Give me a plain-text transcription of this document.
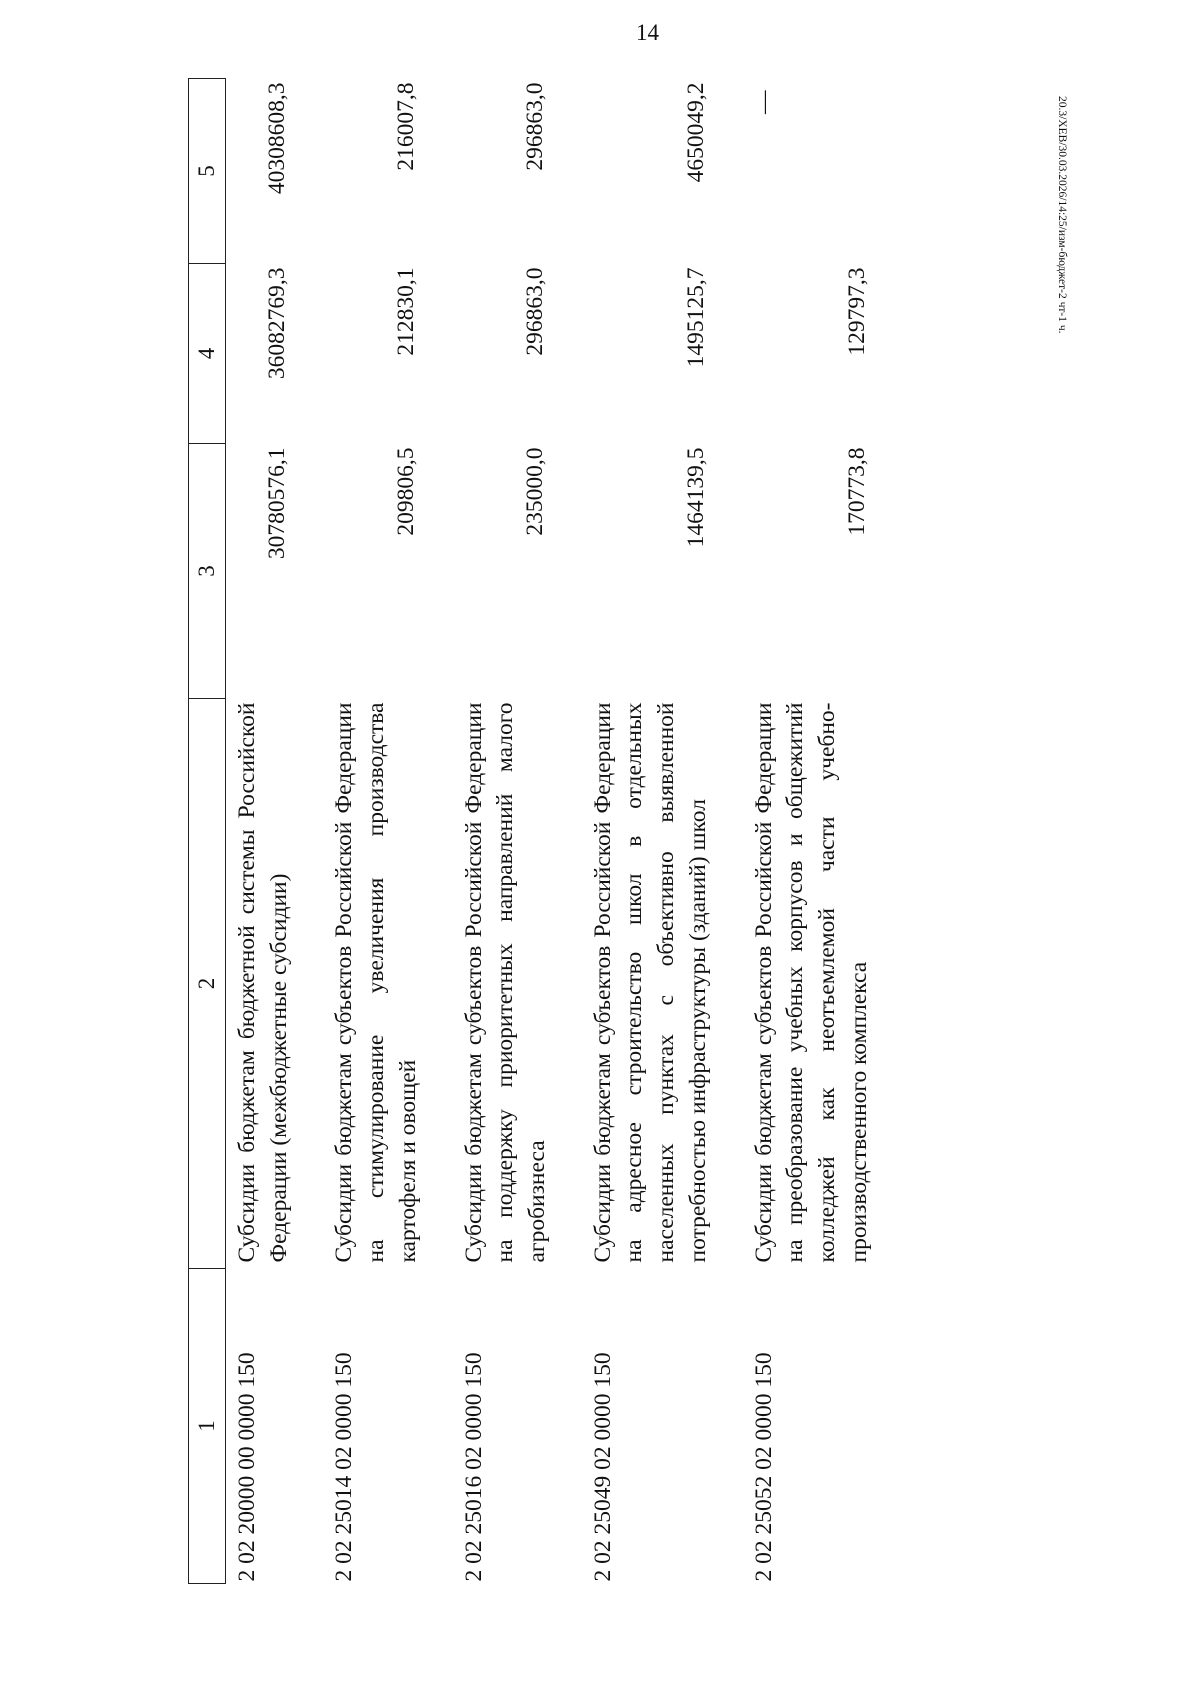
14
20.3/ХЕВ/30.03.2026/14:25/изм-бюджет-2 чт-1 ч.
1	2	3	4	5
2 02 20000 00 0000 150	Субсидии бюджетам бюджетной системы Российской Федерации (межбюджетные субсидии)	30780576,1	36082769,3	40308608,3
2 02 25014 02 0000 150	Субсидии бюджетам субъектов Российской Федерации на стимулирование увеличения производства картофеля и овощей	209806,5	212830,1	216007,8
2 02 25016 02 0000 150	Субсидии бюджетам субъектов Российской Федерации на поддержку приоритетных направлений малого агробизнеса	235000,0	296863,0	296863,0
2 02 25049 02 0000 150	Субсидии бюджетам субъектов Российской Федерации на адресное строительство школ в отдельных населенных пунктах с объективно выявленной потребностью инфраструктуры (зданий) школ	1464139,5	1495125,7	4650049,2
2 02 25052 02 0000 150	Субсидии бюджетам субъектов Российской Федерации на преобразование учебных корпусов и общежитий колледжей как неотъемлемой части учебно-производственного комплекса	170773,8	129797,3	—
